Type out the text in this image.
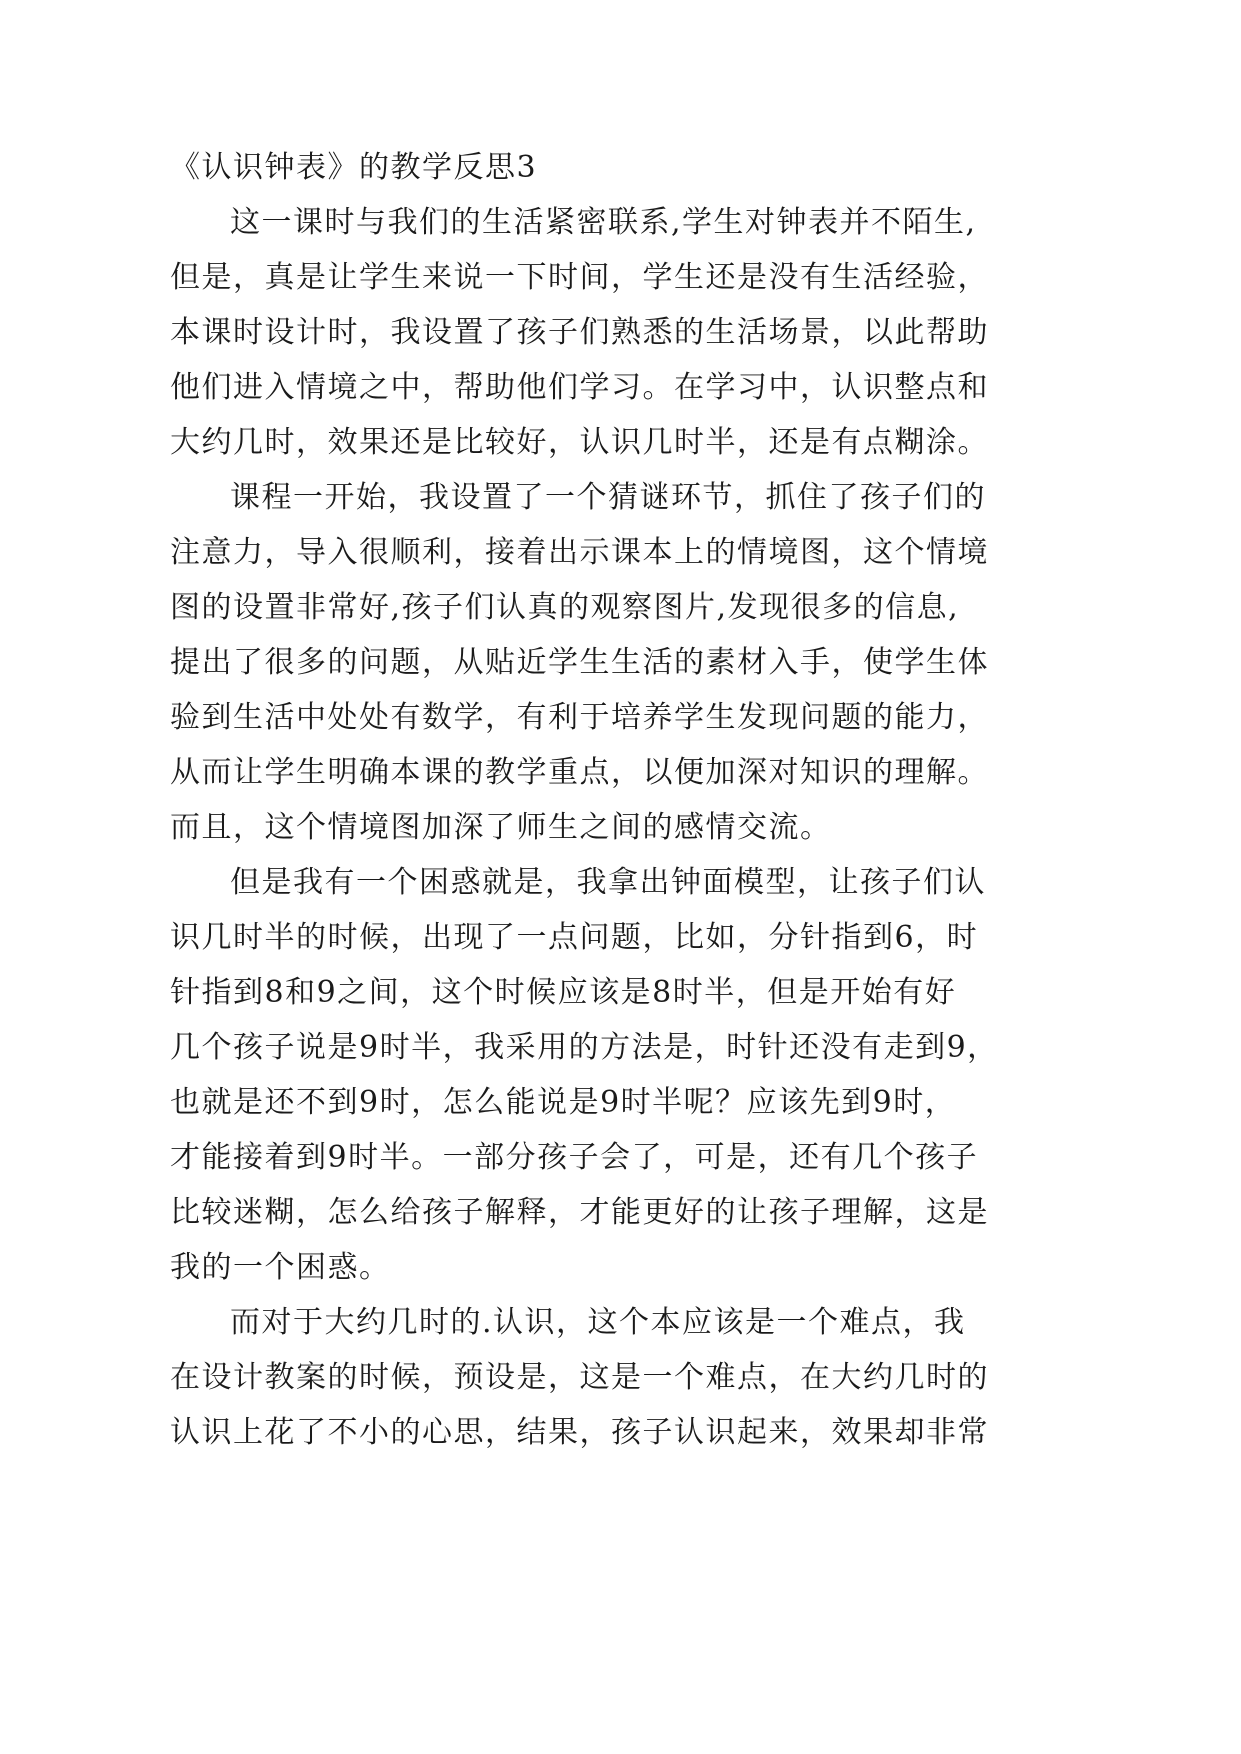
《认识钟表》的教学反思3
这一课时与我们的生活紧密联系,学生对钟表并不陌生,
但是，真是让学生来说一下时间，学生还是没有生活经验，
本课时设计时，我设置了孩子们熟悉的生活场景，以此帮助
他们进入情境之中，帮助他们学习。在学习中，认识整点和
大约几时，效果还是比较好，认识几时半，还是有点糊涂。
课程一开始，我设置了一个猜谜环节，抓住了孩子们的
注意力，导入很顺利，接着出示课本上的情境图，这个情境
图的设置非常好,孩子们认真的观察图片,发现很多的信息,
提出了很多的问题，从贴近学生生活的素材入手，使学生体
验到生活中处处有数学，有利于培养学生发现问题的能力，
从而让学生明确本课的教学重点，以便加深对知识的理解。
而且，这个情境图加深了师生之间的感情交流。
但是我有一个困惑就是，我拿出钟面模型，让孩子们认
识几时半的时候，出现了一点问题，比如，分针指到6，时
针指到8和9之间，这个时候应该是8时半，但是开始有好
几个孩子说是9时半，我采用的方法是，时针还没有走到9，
也就是还不到9时，怎么能说是9时半呢？应该先到9时，
才能接着到9时半。一部分孩子会了，可是，还有几个孩子
比较迷糊，怎么给孩子解释，才能更好的让孩子理解，这是
我的一个困惑。
而对于大约几时的.认识，这个本应该是一个难点，我
在设计教案的时候，预设是，这是一个难点，在大约几时的
认识上花了不小的心思，结果，孩子认识起来，效果却非常
